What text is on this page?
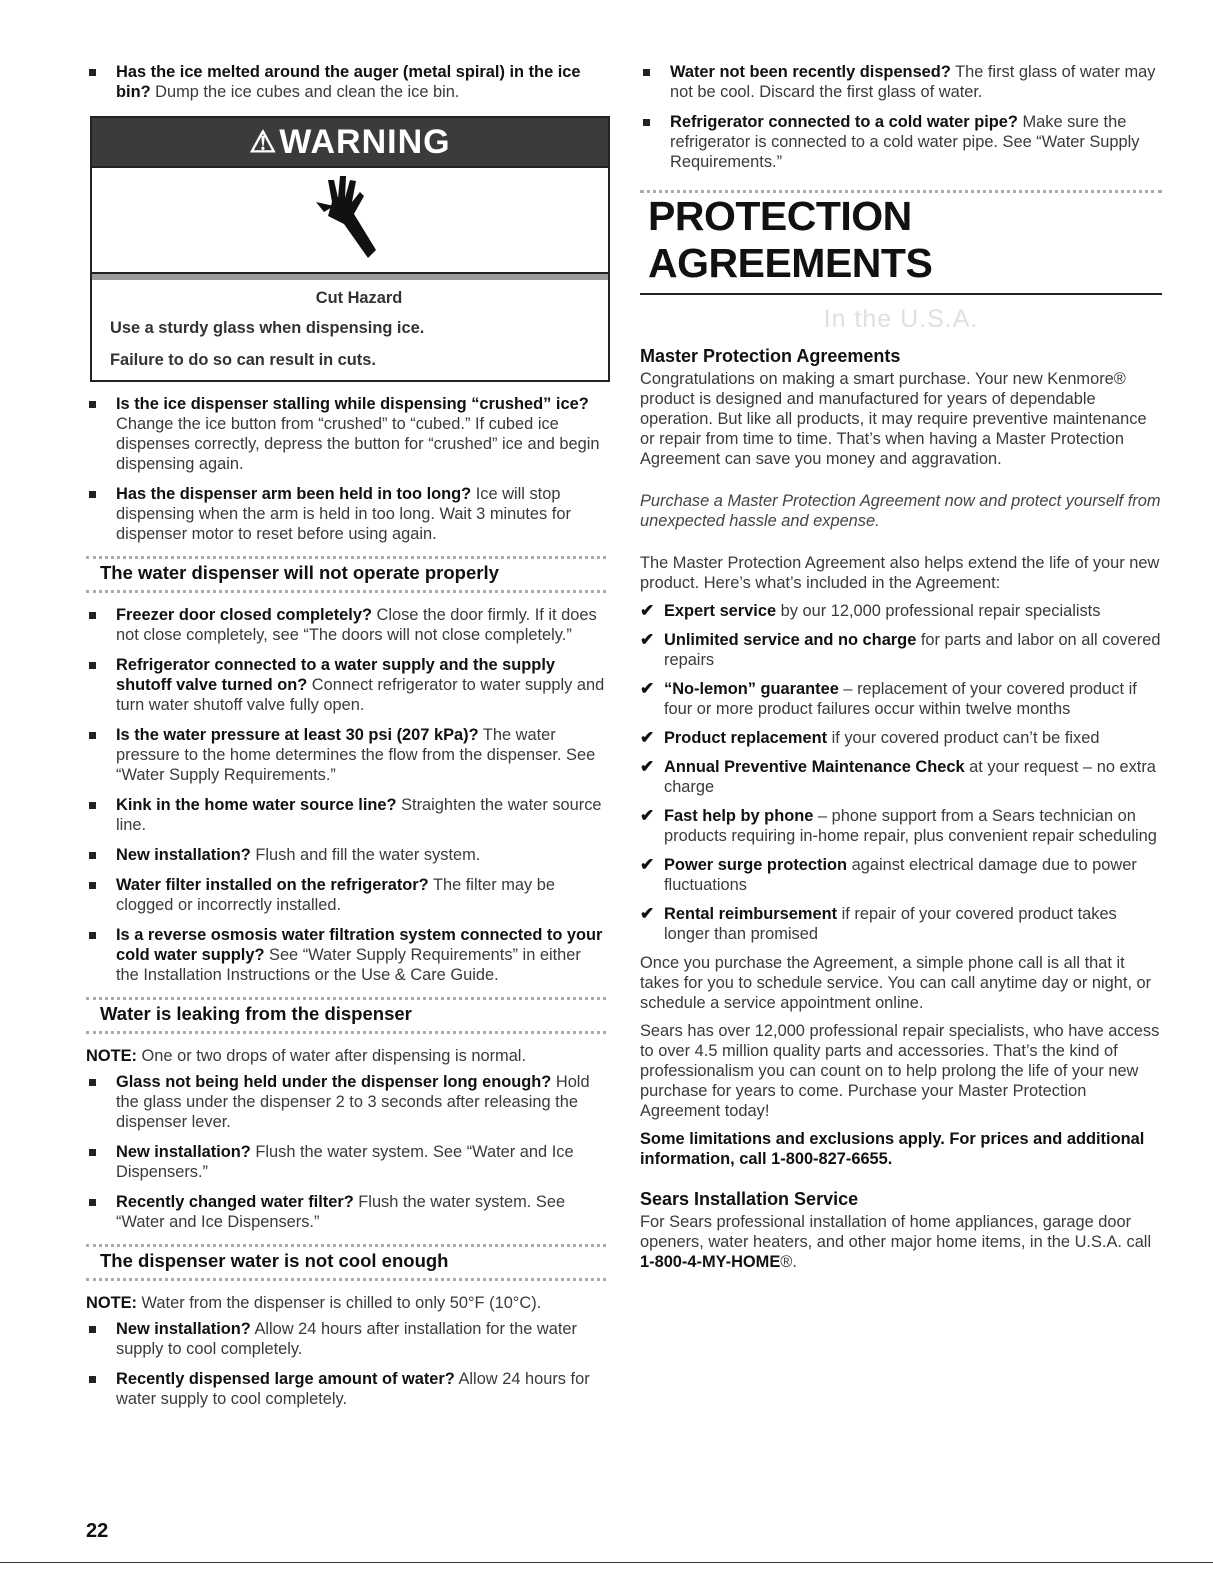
Has the ice melted around the auger (metal spiral) in the ice bin? Dump the ice cubes and clean the ice bin.
⚠ WARNING
Cut Hazard
Use a sturdy glass when dispensing ice.
Failure to do so can result in cuts.
Is the ice dispenser stalling while dispensing “crushed” ice? Change the ice button from “crushed” to “cubed.” If cubed ice dispenses correctly, depress the button for “crushed” ice and begin dispensing again.
Has the dispenser arm been held in too long? Ice will stop dispensing when the arm is held in too long. Wait 3 minutes for dispenser motor to reset before using again.
The water dispenser will not operate properly
Freezer door closed completely? Close the door firmly. If it does not close completely, see “The doors will not close completely.”
Refrigerator connected to a water supply and the supply shutoff valve turned on? Connect refrigerator to water supply and turn water shutoff valve fully open.
Is the water pressure at least 30 psi (207 kPa)? The water pressure to the home determines the flow from the dispenser. See “Water Supply Requirements.”
Kink in the home water source line? Straighten the water source line.
New installation? Flush and fill the water system.
Water filter installed on the refrigerator? The filter may be clogged or incorrectly installed.
Is a reverse osmosis water filtration system connected to your cold water supply? See “Water Supply Requirements” in either the Installation Instructions or the Use & Care Guide.
Water is leaking from the dispenser

NOTE: One or two drops of water after dispensing is normal.

Glass not being held under the dispenser long enough? Hold the glass under the dispenser 2 to 3 seconds after releasing the dispenser lever.
New installation? Flush the water system. See “Water and Ice Dispensers.”
Recently changed water filter? Flush the water system. See “Water and Ice Dispensers.”
The dispenser water is not cool enough

NOTE: Water from the dispenser is chilled to only 50°F (10°C).

New installation? Allow 24 hours after installation for the water supply to cool completely.
Recently dispensed large amount of water? Allow 24 hours for water supply to cool completely.
Water not been recently dispensed? The first glass of water may not be cool. Discard the first glass of water.
Refrigerator connected to a cold water pipe? Make sure the refrigerator is connected to a cold water pipe. See “Water Supply Requirements.”
PROTECTION AGREEMENTS
In the U.S.A.
Master Protection Agreements

Congratulations on making a smart purchase. Your new Kenmore® product is designed and manufactured for years of dependable operation. But like all products, it may require preventive maintenance or repair from time to time. That’s when having a Master Protection Agreement can save you money and aggravation.

Purchase a Master Protection Agreement now and protect yourself from unexpected hassle and expense.

The Master Protection Agreement also helps extend the life of your new product. Here’s what’s included in the Agreement:

✔ Expert service by our 12,000 professional repair specialists
✔ Unlimited service and no charge for parts and labor on all covered repairs
✔ “No-lemon” guarantee – replacement of your covered product if four or more product failures occur within twelve months
✔ Product replacement if your covered product can’t be fixed
✔ Annual Preventive Maintenance Check at your request – no extra charge
✔ Fast help by phone – phone support from a Sears technician on products requiring in-home repair, plus convenient repair scheduling
✔ Power surge protection against electrical damage due to power fluctuations
✔ Rental reimbursement if repair of your covered product takes longer than promised

Once you purchase the Agreement, a simple phone call is all that it takes for you to schedule service. You can call anytime day or night, or schedule a service appointment online.

Sears has over 12,000 professional repair specialists, who have access to over 4.5 million quality parts and accessories. That’s the kind of professionalism you can count on to help prolong the life of your new purchase for years to come. Purchase your Master Protection Agreement today!

Some limitations and exclusions apply. For prices and additional information, call 1-800-827-6655.

Sears Installation Service

For Sears professional installation of home appliances, garage door openers, water heaters, and other major home items, in the U.S.A. call 1-800-4-MY-HOME®.

22
